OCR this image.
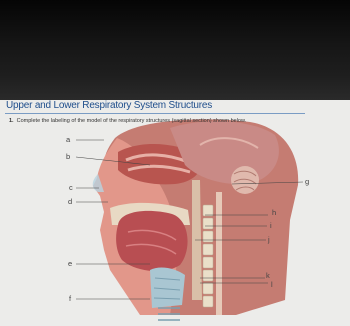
Upper and Lower Respiratory System Structures

1. Complete the labeling of the model of the respiratory structures (sagittal section) shown below.

a
b
c
d
e
f
g
h
i
j
k
l
